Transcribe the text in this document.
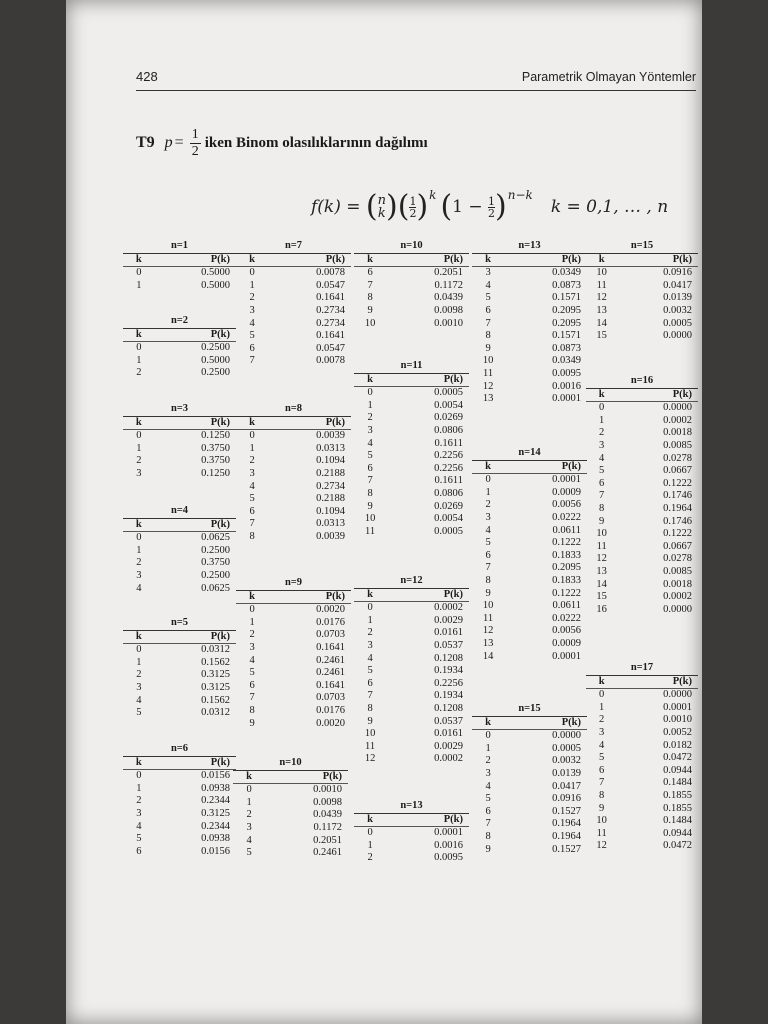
428	Parametrik Olmayan Yöntemler
T9 $p = \frac{1}{2}$ iken Binom olasılıklarının dağılımı
f(k) = ( n
k ) ( $\frac{1}{2}$ ) k ( $1 - \frac{1}{2}$ ) n−k
k = 0,1, … , n
n=1	
k	P(k)
0	0.5000
1	0.5000
n=2	
k	P(k)
0	0.2500
1	0.5000
2	0.2500
n=3	
k	P(k)
0	0.1250
1	0.3750
2	0.3750
3	0.1250
n=4	
k	P(k)
0	0.0625
1	0.2500
2	0.3750
3	0.2500
4	0.0625
n=5	
k	P(k)
0	0.0312
1	0.1562
2	0.3125
3	0.3125
4	0.1562
5	0.0312
n=6	
k	P(k)
0	0.0156
1	0.0938
2	0.2344
3	0.3125
4	0.2344
5	0.0938
6	0.0156
n=7	
k	P(k)
0	0.0078
1	0.0547
2	0.1641
3	0.2734
4	0.2734
5	0.1641
6	0.0547
7	0.0078
n=8	
k	P(k)
0	0.0039
1	0.0313
2	0.1094
3	0.2188
4	0.2734
5	0.2188
6	0.1094
7	0.0313
8	0.0039
n=9	
k	P(k)
0	0.0020
1	0.0176
2	0.0703
3	0.1641
4	0.2461
5	0.2461
6	0.1641
7	0.0703
8	0.0176
9	0.0020
n=10	
k	P(k)
0	0.0010
1	0.0098
2	0.0439
3	0.1172
4	0.2051
5	0.2461
n=10	
k	P(k)
6	0.2051
7	0.1172
8	0.0439
9	0.0098
10	0.0010
n=11	
k	P(k)
0	0.0005
1	0.0054
2	0.0269
3	0.0806
4	0.1611
5	0.2256
6	0.2256
7	0.1611
8	0.0806
9	0.0269
10	0.0054
11	0.0005
n=12	
k	P(k)
0	0.0002
1	0.0029
2	0.0161
3	0.0537
4	0.1208
5	0.1934
6	0.2256
7	0.1934
8	0.1208
9	0.0537
10	0.0161
11	0.0029
12	0.0002
n=13	
k	P(k)
0	0.0001
1	0.0016
2	0.0095
n=13	
k	P(k)
3	0.0349
4	0.0873
5	0.1571
6	0.2095
7	0.2095
8	0.1571
9	0.0873
10	0.0349
11	0.0095
12	0.0016
13	0.0001
n=14	
k	P(k)
0	0.0001
1	0.0009
2	0.0056
3	0.0222
4	0.0611
5	0.1222
6	0.1833
7	0.2095
8	0.1833
9	0.1222
10	0.0611
11	0.0222
12	0.0056
13	0.0009
14	0.0001
n=15	
k	P(k)
0	0.0000
1	0.0005
2	0.0032
3	0.0139
4	0.0417
5	0.0916
6	0.1527
7	0.1964
8	0.1964
9	0.1527
n=15	
k	P(k)
10	0.0916
11	0.0417
12	0.0139
13	0.0032
14	0.0005
15	0.0000
n=16	
k	P(k)
0	0.0000
1	0.0002
2	0.0018
3	0.0085
4	0.0278
5	0.0667
6	0.1222
7	0.1746
8	0.1964
9	0.1746
10	0.1222
11	0.0667
12	0.0278
13	0.0085
14	0.0018
15	0.0002
16	0.0000
n=17	
k	P(k)
0	0.0000
1	0.0001
2	0.0010
3	0.0052
4	0.0182
5	0.0472
6	0.0944
7	0.1484
8	0.1855
9	0.1855
10	0.1484
11	0.0944
12	0.0472
